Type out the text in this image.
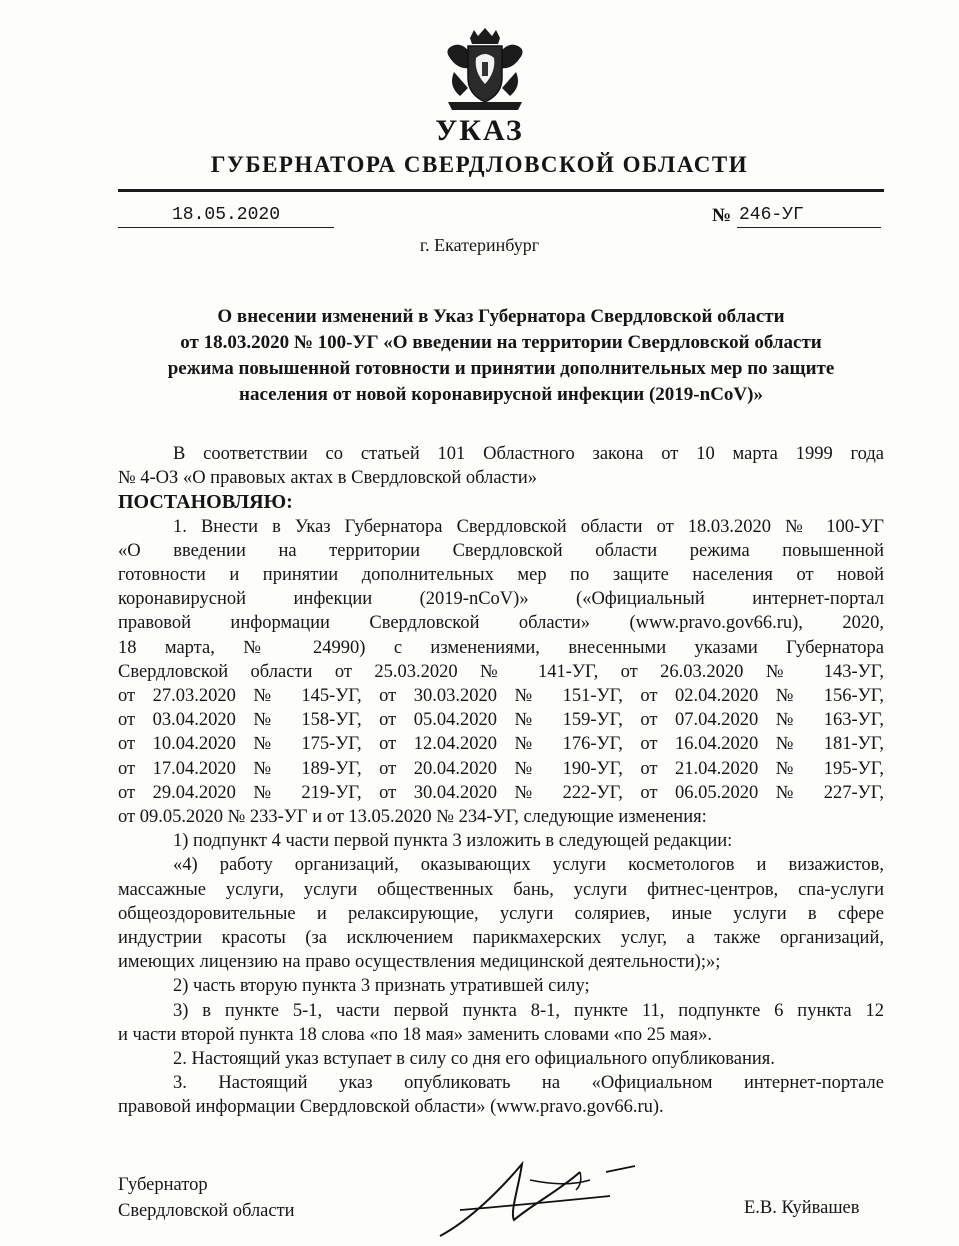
УКАЗ
ГУБЕРНАТОРА СВЕРДЛОВСКОЙ ОБЛАСТИ
18.05.2020	№ 246-УГ
г. Екатеринбург
О внесении изменений в Указ Губернатора Свердловской области
от 18.03.2020 № 100-УГ «О введении на территории Свердловской области
режима повышенной готовности и принятии дополнительных мер по защите
населения от новой коронавирусной инфекции (2019-nCoV)»
В соответствии со статьей 101 Областного закона от 10 марта 1999 года
№ 4-ОЗ «О правовых актах в Свердловской области»
ПОСТАНОВЛЯЮ:
1. Внести в Указ Губернатора Свердловской области от 18.03.2020 № 100-УГ
«О введении на территории Свердловской области режима повышенной
готовности и принятии дополнительных мер по защите населения от новой
коронавирусной инфекции (2019-nCoV)» («Официальный интернет-портал
правовой информации Свердловской области» (www.pravo.gov66.ru), 2020,
18 марта, № 24990) с изменениями, внесенными указами Губернатора
Свердловской области от 25.03.2020 № 141-УГ, от 26.03.2020 № 143-УГ,
от 27.03.2020 № 145-УГ, от 30.03.2020 № 151-УГ, от 02.04.2020 № 156-УГ,
от 03.04.2020 № 158-УГ, от 05.04.2020 № 159-УГ, от 07.04.2020 № 163-УГ,
от 10.04.2020 № 175-УГ, от 12.04.2020 № 176-УГ, от 16.04.2020 № 181-УГ,
от 17.04.2020 № 189-УГ, от 20.04.2020 № 190-УГ, от 21.04.2020 № 195-УГ,
от 29.04.2020 № 219-УГ, от 30.04.2020 № 222-УГ, от 06.05.2020 № 227-УГ,
от 09.05.2020 № 233-УГ и от 13.05.2020 № 234-УГ, следующие изменения:
1) подпункт 4 части первой пункта 3 изложить в следующей редакции:
«4) работу организаций, оказывающих услуги косметологов и визажистов,
массажные услуги, услуги общественных бань, услуги фитнес-центров, спа-услуги
общеоздоровительные и релаксирующие, услуги соляриев, иные услуги в сфере
индустрии красоты (за исключением парикмахерских услуг, а также организаций,
имеющих лицензию на право осуществления медицинской деятельности);»;
2) часть вторую пункта 3 признать утратившей силу;
3) в пункте 5-1, части первой пункта 8-1, пункте 11, подпункте 6 пункта 12
и части второй пункта 18 слова «по 18 мая» заменить словами «по 25 мая».
2. Настоящий указ вступает в силу со дня его официального опубликования.
3. Настоящий указ опубликовать на «Официальном интернет-портале
правовой информации Свердловской области» (www.pravo.gov66.ru).
Губернатор
Свердловской области	Е.В. Куйвашев
